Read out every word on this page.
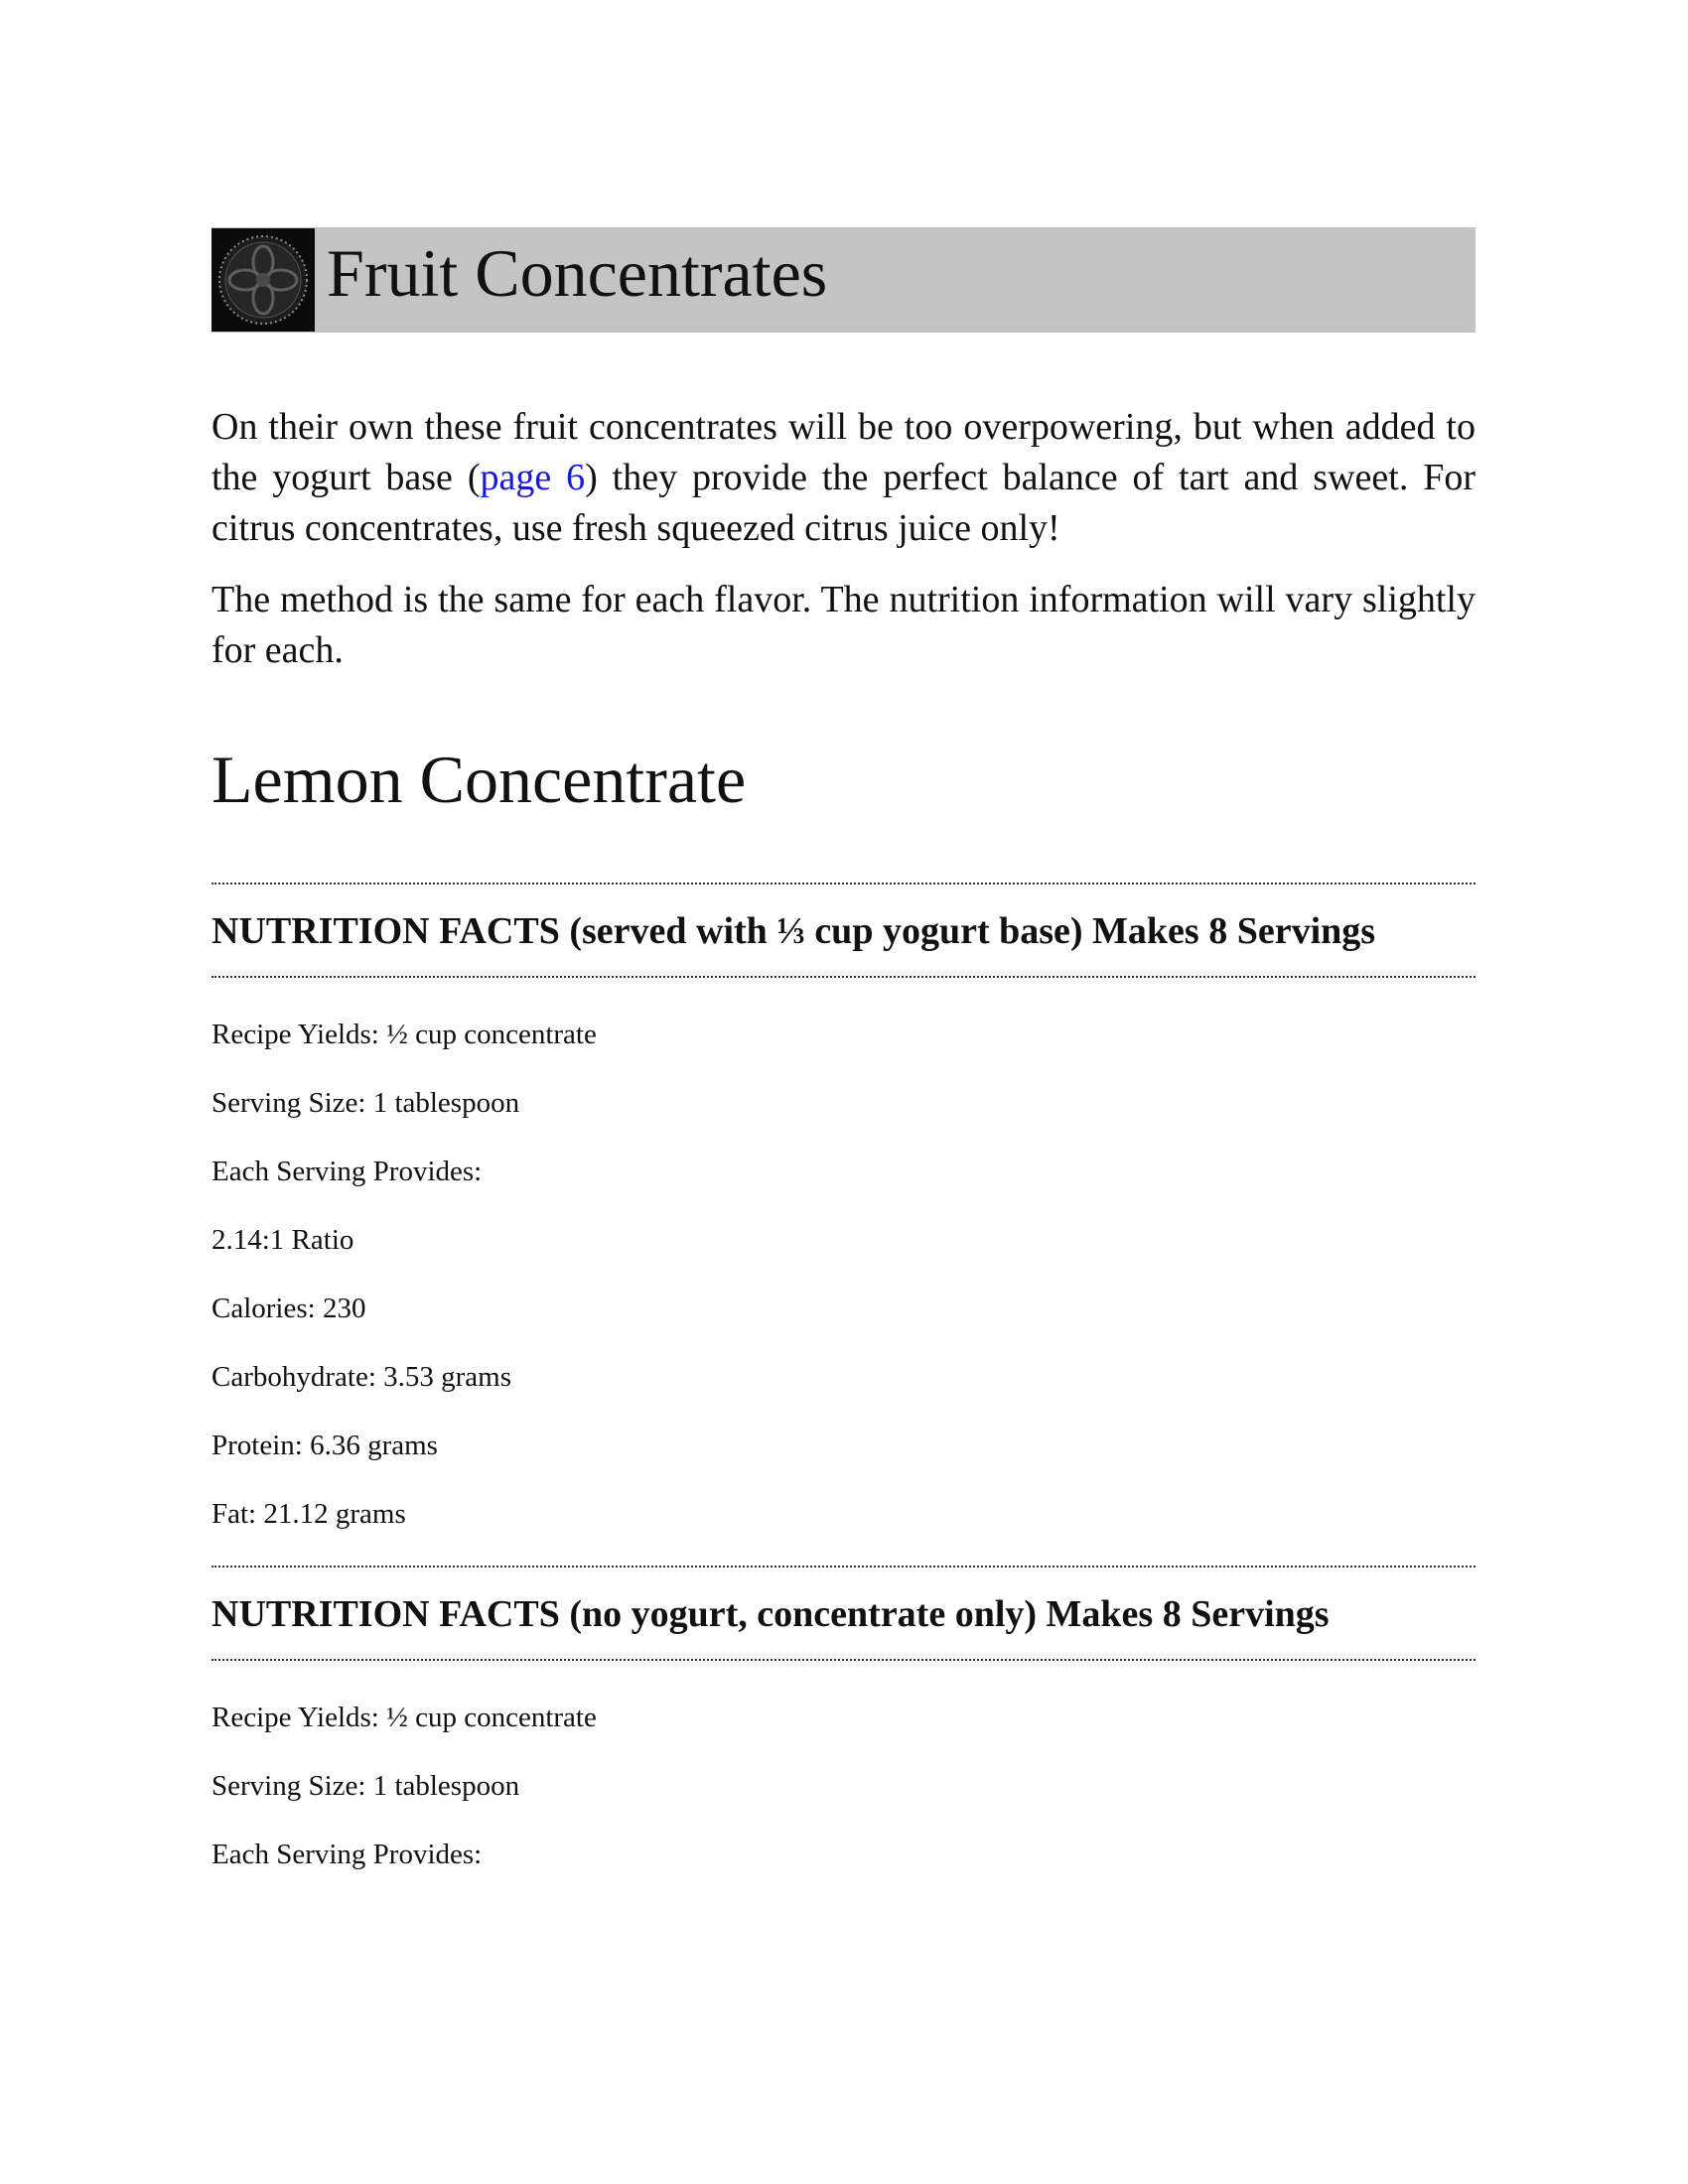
Fruit Concentrates

On their own these fruit concentrates will be too overpowering, but when added to the yogurt base (page 6) they provide the perfect balance of tart and sweet. For citrus concentrates, use fresh squeezed citrus juice only!

The method is the same for each flavor. The nutrition information will vary slightly for each.

Lemon Concentrate
NUTRITION FACTS (served with ⅓ cup yogurt base) Makes 8 Servings
Recipe Yields: ½ cup concentrate
Serving Size: 1 tablespoon
Each Serving Provides:
2.14:1 Ratio
Calories: 230
Carbohydrate: 3.53 grams
Protein: 6.36 grams
Fat: 21.12 grams
NUTRITION FACTS (no yogurt, concentrate only) Makes 8 Servings
Recipe Yields: ½ cup concentrate
Serving Size: 1 tablespoon
Each Serving Provides:
